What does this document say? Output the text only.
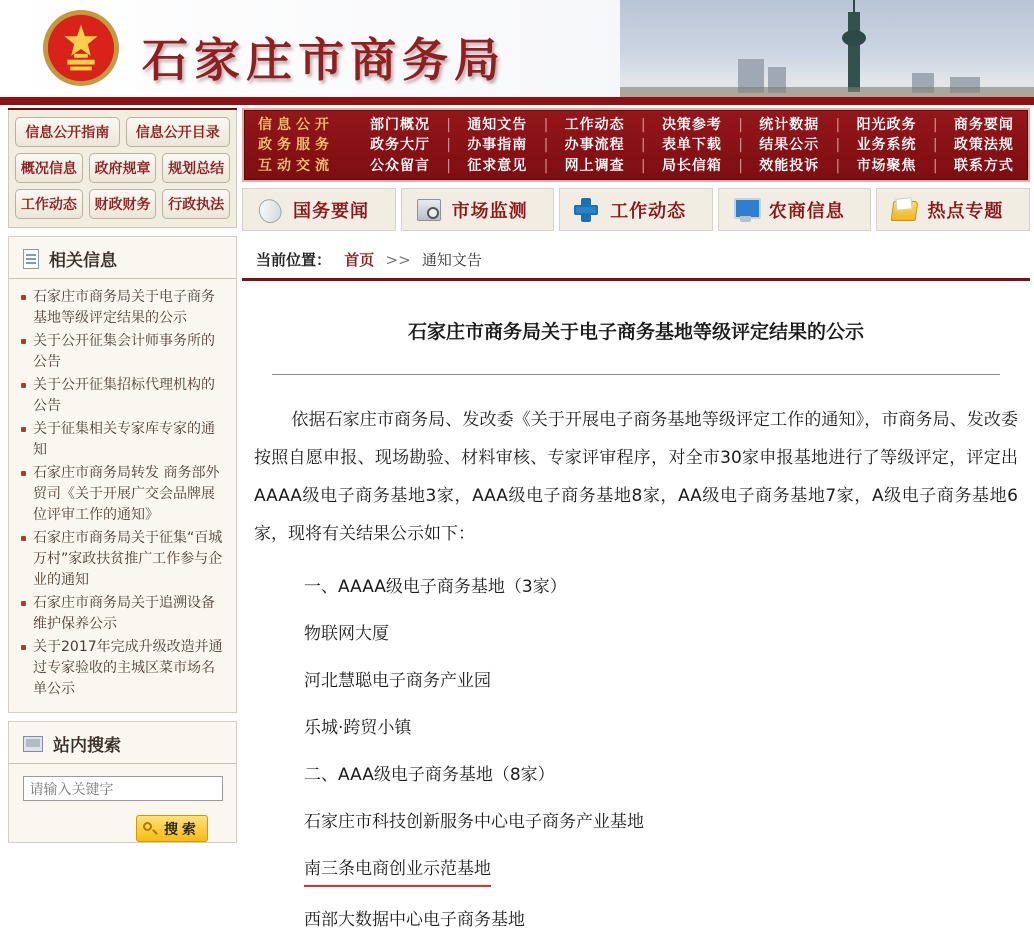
石家庄市商务局
信息公开指南	信息公开目录
概况信息	政府规章	规划总结
工作动态	财政财务	行政执法
相关信息
石家庄市商务局关于电子商务基地等级评定结果的公示
关于公开征集会计师事务所的公告
关于公开征集招标代理机构的公告
关于征集相关专家库专家的通知
石家庄市商务局转发 商务部外贸司《关于开展广交会品牌展位评审工作的通知》
石家庄市商务局关于征集“百城万村”家政扶贫推广工作参与企业的通知
石家庄市商务局关于追溯设备维护保养公示
关于2017年完成升级改造并通过专家验收的主城区菜市场名单公示
站内搜索
请输入关键字
搜 索
信息公开	部门概况 | 通知文告 | 工作动态 | 决策参考 | 统计数据 | 阳光政务 | 商务要闻
政务服务	政务大厅 | 办事指南 | 办事流程 | 表单下载 | 结果公示 | 业务系统 | 政策法规
互动交流	公众留言 | 征求意见 | 网上调查 | 局长信箱 | 效能投诉 | 市场聚焦 | 联系方式
国务要闻	市场监测	工作动态	农商信息	热点专题
当前位置： 首页 >> 通知文告
石家庄市商务局关于电子商务基地等级评定结果的公示
依据石家庄市商务局、发改委《关于开展电子商务基地等级评定工作的通知》，市商务局、发改委按照自愿申报、现场勘验、材料审核、专家评审程序，对全市30家申报基地进行了等级评定，评定出AAAA级电子商务基地3家，AAA级电子商务基地8家，AA级电子商务基地7家，A级电子商务基地6家，现将有关结果公示如下：
一、AAAA级电子商务基地（3家）
物联网大厦
河北慧聪电子商务产业园
乐城·跨贸小镇
二、AAA级电子商务基地（8家）
石家庄市科技创新服务中心电子商务产业基地
南三条电商创业示范基地
西部大数据中心电子商务基地
